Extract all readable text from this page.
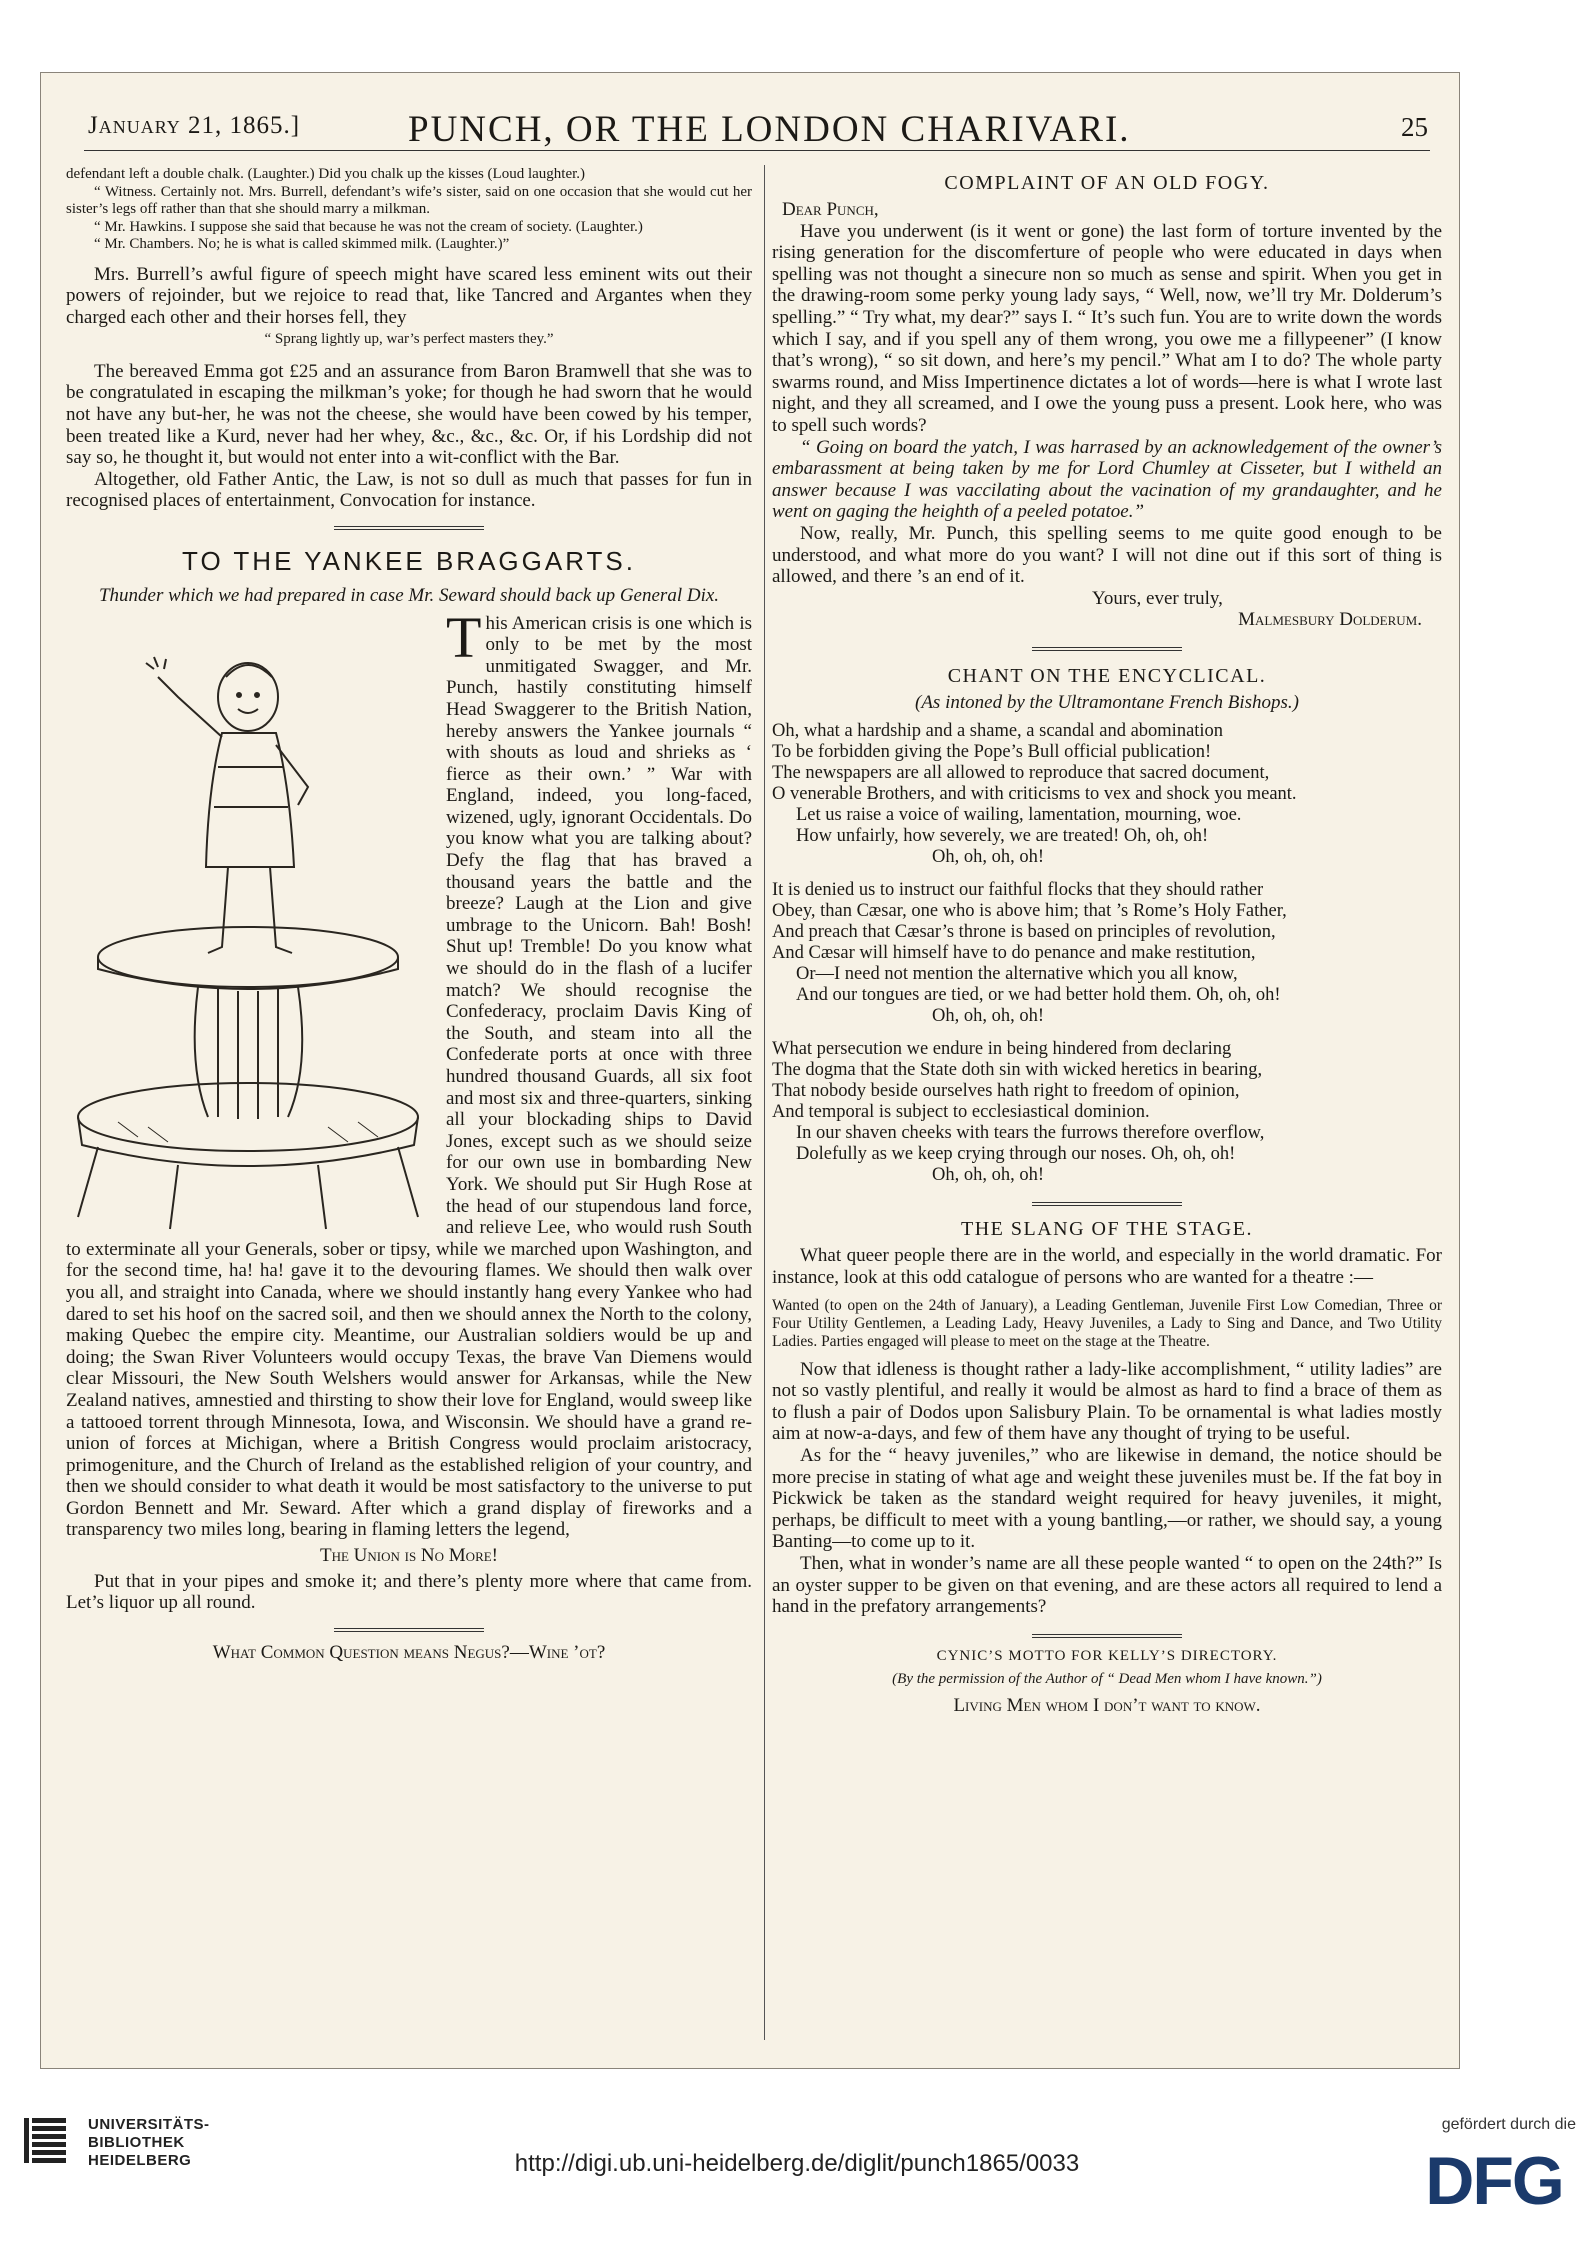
January 21, 1865.]	PUNCH, OR THE LONDON CHARIVARI.	25

defendant left a double chalk. (Laughter.) Did you chalk up the kisses (Loud laughter.)

“ Witness. Certainly not. Mrs. Burrell, defendant’s wife’s sister, said on one occasion that she would cut her sister’s legs off rather than that she should marry a milkman.

“ Mr. Hawkins. I suppose she said that because he was not the cream of society. (Laughter.)

“ Mr. Chambers. No; he is what is called skimmed milk. (Laughter.)”

Mrs. Burrell’s awful figure of speech might have scared less eminent wits out their powers of rejoinder, but we rejoice to read that, like Tancred and Argantes when they charged each other and their horses fell, they

“ Sprang lightly up, war’s perfect masters they.”

The bereaved Emma got £25 and an assurance from Baron Bramwell that she was to be congratulated in escaping the milkman’s yoke; for though he had sworn that he would not have any but-her, he was not the cheese, she would have been cowed by his temper, been treated like a Kurd, never had her whey, &c., &c., &c. Or, if his Lordship did not say so, he thought it, but would not enter into a wit-conflict with the Bar.

Altogether, old Father Antic, the Law, is not so dull as much that passes for fun in recognised places of entertainment, Convocation for instance.

TO THE YANKEE BRAGGARTS.

Thunder which we had prepared in case Mr. Seward should back up General Dix.

This American crisis is one which is only to be met by the most unmitigated Swagger, and Mr. Punch, hastily constituting himself Head Swaggerer to the British Nation, hereby answers the Yankee journals “ with shouts as loud and shrieks as ‘ fierce as their own.’ ” War with England, indeed, you long-faced, wizened, ugly, ignorant Occidentals. Do you know what you are talking about? Defy the flag that has braved a thousand years the battle and the breeze? Laugh at the Lion and give umbrage to the Unicorn. Bah! Bosh! Shut up! Tremble! Do you know what we should do in the flash of a lucifer match? We should recognise the Confederacy, proclaim Davis King of the South, and steam into all the Confederate ports at once with three hundred thousand Guards, all six foot and most six and three-quarters, sinking all your blockading ships to David Jones, except such as we should seize for our own use in bombarding New York. We should put Sir Hugh Rose at the head of our stupendous land force, and relieve Lee, who would rush South to exterminate all your Generals, sober or tipsy, while we marched upon Washington, and for the second time, ha! ha! gave it to the devouring flames. We should then walk over you all, and straight into Canada, where we should instantly hang every Yankee who had dared to set his hoof on the sacred soil, and then we should annex the North to the colony, making Quebec the empire city. Meantime, our Australian soldiers would be up and doing; the Swan River Volunteers would occupy Texas, the brave Van Diemens would clear Missouri, the New South Welshers would answer for Arkansas, while the New Zealand natives, amnestied and thirsting to show their love for England, would sweep like a tattooed torrent through Minnesota, Iowa, and Wisconsin. We should have a grand re-union of forces at Michigan, where a British Congress would proclaim aristocracy, primogeniture, and the Church of Ireland as the established religion of your country, and then we should consider to what death it would be most satisfactory to the universe to put Gordon Bennett and Mr. Seward. After which a grand display of fireworks and a transparency two miles long, bearing in flaming letters the legend,

The Union is No More!

Put that in your pipes and smoke it; and there’s plenty more where that came from. Let’s liquor up all round.

What Common Question means Negus?—Wine ’ot?

COMPLAINT OF AN OLD FOGY.

Dear Punch,

Have you underwent (is it went or gone) the last form of torture invented by the rising generation for the discomferture of people who were educated in days when spelling was not thought a sinecure non so much as sense and spirit. When you get in the drawing-room some perky young lady says, “ Well, now, we’ll try Mr. Dolderum’s spelling.” “ Try what, my dear?” says I. “ It’s such fun. You are to write down the words which I say, and if you spell any of them wrong, you owe me a fillypeener” (I know that’s wrong), “ so sit down, and here’s my pencil.” What am I to do? The whole party swarms round, and Miss Impertinence dictates a lot of words—here is what I wrote last night, and they all screamed, and I owe the young puss a present. Look here, who was to spell such words?

“ Going on board the yatch, I was harrased by an acknowledgement of the owner’s embarassment at being taken by me for Lord Chumley at Cisseter, but I witheld an answer because I was vaccilating about the vacination of my grandaughter, and he went on gaging the heighth of a peeled potatoe.”

Now, really, Mr. Punch, this spelling seems to me quite good enough to be understood, and what more do you want? I will not dine out if this sort of thing is allowed, and there ’s an end of it.

Yours, ever truly,

Malmesbury Dolderum.

CHANT ON THE ENCYCLICAL.

(As intoned by the Ultramontane French Bishops.)

Oh, what a hardship and a shame, a scandal and abomination
To be forbidden giving the Pope’s Bull official publication!
The newspapers are all allowed to reproduce that sacred document,
O venerable Brothers, and with criticisms to vex and shock you meant.
Let us raise a voice of wailing, lamentation, mourning, woe.
How unfairly, how severely, we are treated! Oh, oh, oh!
Oh, oh, oh, oh!
It is denied us to instruct our faithful flocks that they should rather
Obey, than Cæsar, one who is above him; that ’s Rome’s Holy Father,
And preach that Cæsar’s throne is based on principles of revolution,
And Cæsar will himself have to do penance and make restitution,
Or—I need not mention the alternative which you all know,
And our tongues are tied, or we had better hold them. Oh, oh, oh!
Oh, oh, oh, oh!
What persecution we endure in being hindered from declaring
The dogma that the State doth sin with wicked heretics in bearing,
That nobody beside ourselves hath right to freedom of opinion,
And temporal is subject to ecclesiastical dominion.
In our shaven cheeks with tears the furrows therefore overflow,
Dolefully as we keep crying through our noses. Oh, oh, oh!
Oh, oh, oh, oh!
THE SLANG OF THE STAGE.

What queer people there are in the world, and especially in the world dramatic. For instance, look at this odd catalogue of persons who are wanted for a theatre :—

Wanted (to open on the 24th of January), a Leading Gentleman, Juvenile First Low Comedian, Three or Four Utility Gentlemen, a Leading Lady, Heavy Juveniles, a Lady to Sing and Dance, and Two Utility Ladies. Parties engaged will please to meet on the stage at the Theatre.

Now that idleness is thought rather a lady-like accomplishment, “ utility ladies” are not so vastly plentiful, and really it would be almost as hard to find a brace of them as to flush a pair of Dodos upon Salisbury Plain. To be ornamental is what ladies mostly aim at now-a-days, and few of them have any thought of trying to be useful.

As for the “ heavy juveniles,” who are likewise in demand, the notice should be more precise in stating of what age and weight these juveniles must be. If the fat boy in Pickwick be taken as the standard weight required for heavy juveniles, it might, perhaps, be difficult to meet with a young bantling,—or rather, we should say, a young Banting—to come up to it.

Then, what in wonder’s name are all these people wanted “ to open on the 24th?” Is an oyster supper to be given on that evening, and are these actors all required to lend a hand in the prefatory arrangements?

CYNIC’S MOTTO FOR KELLY’S DIRECTORY.

(By the permission of the Author of “ Dead Men whom I have known.”)

Living Men whom I don’t want to know.

UNIVERSITÄTS-
BIBLIOTHEK
HEIDELBERG	http://digi.ub.uni-heidelberg.de/diglit/punch1865/0033
gefördert durch die
DFG
